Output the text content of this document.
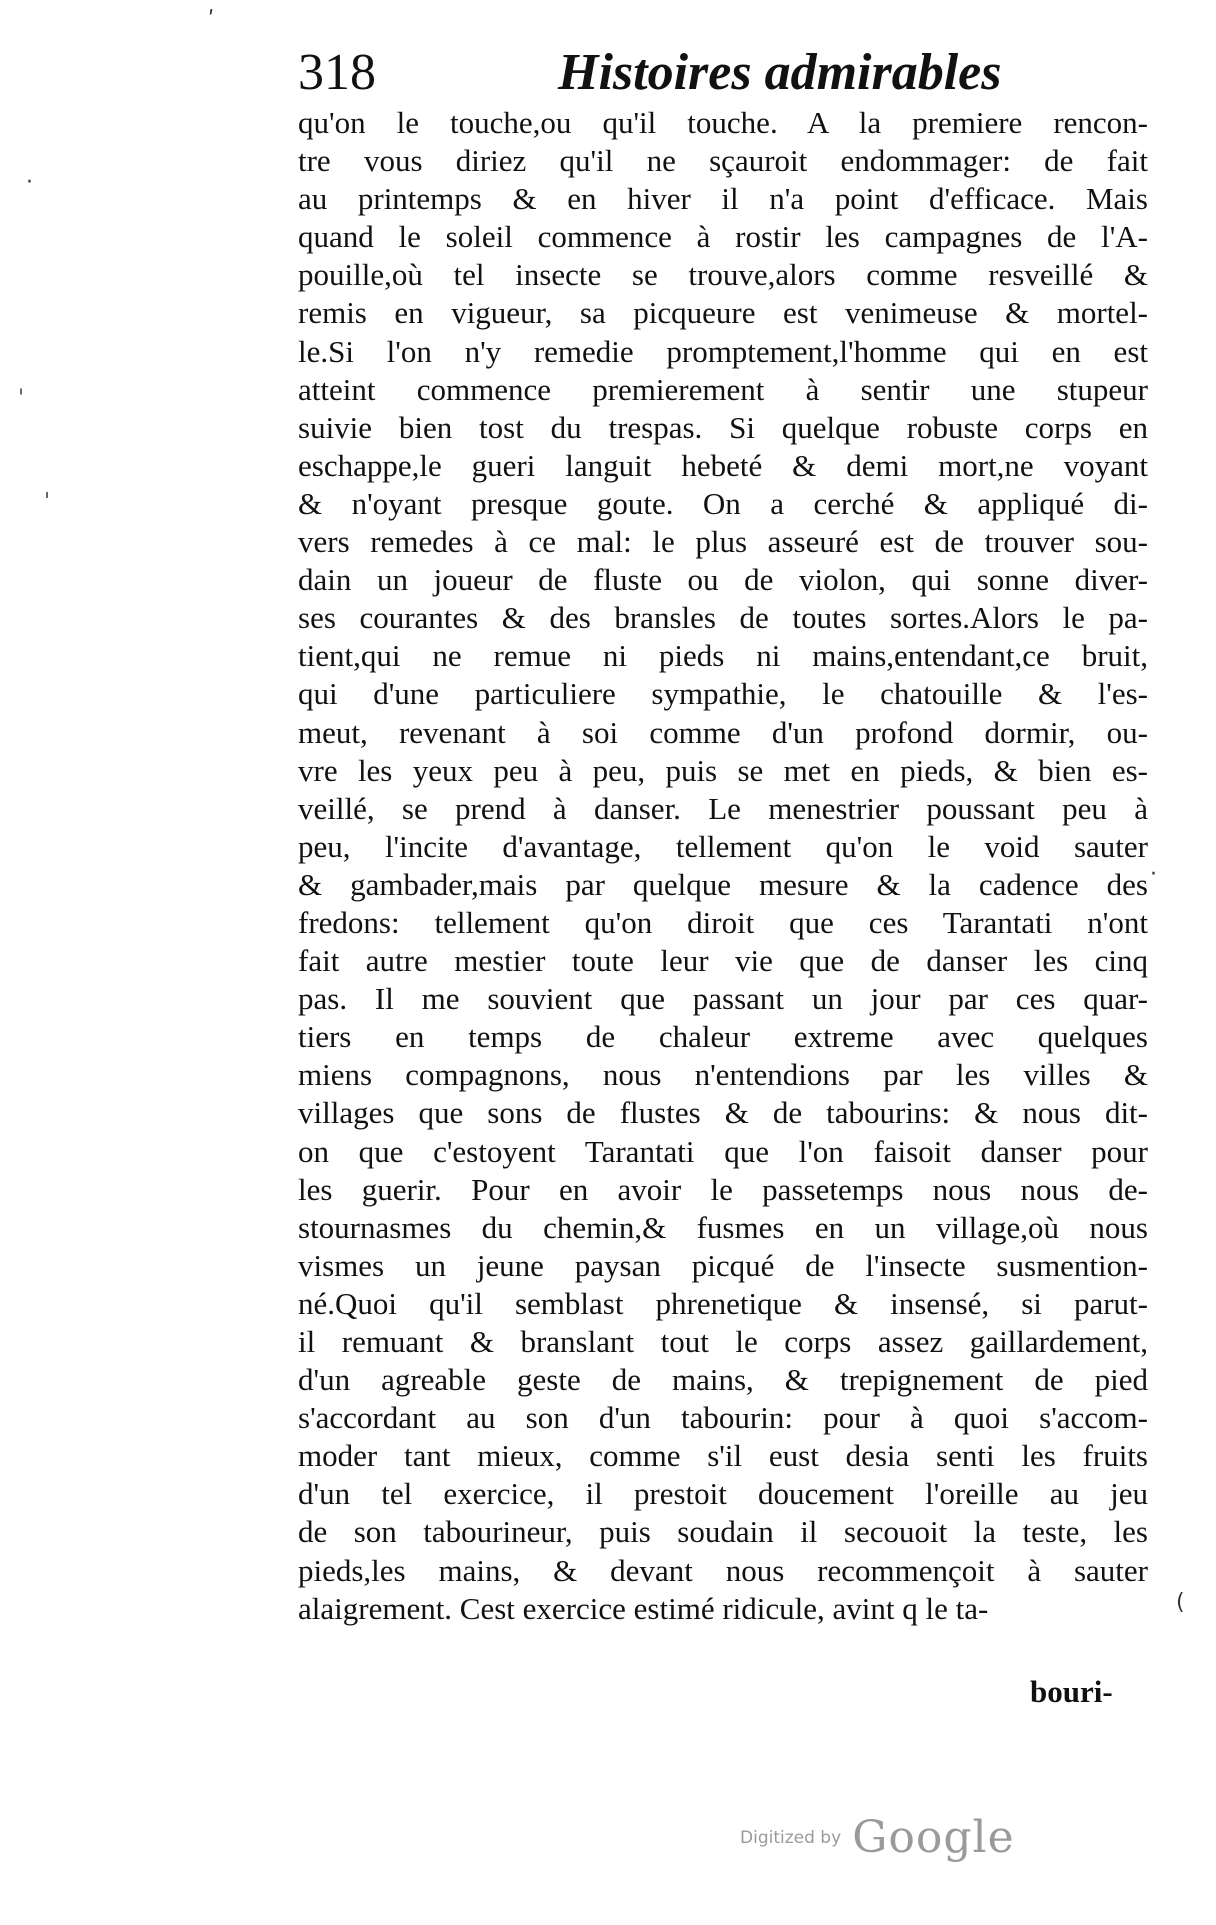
318	Histoires admirables
qu'on le touche,ou qu'il touche. A la premiere rencon-
tre vous diriez qu'il ne sçauroit endommager: de fait
au printemps & en hiver il n'a point d'efficace. Mais
quand le soleil commence à rostir les campagnes de l'A-
pouille,où tel insecte se trouve,alors comme resveillé &
remis en vigueur, sa picqueure est venimeuse & mortel-
le.Si l'on n'y remedie promptement,l'homme qui en est
atteint commence premierement à sentir une stupeur
suivie bien tost du trespas. Si quelque robuste corps en
eschappe,le gueri languit hebeté & demi mort,ne voyant
& n'oyant presque goute. On a cerché & appliqué di-
vers remedes à ce mal: le plus asseuré est de trouver sou-
dain un joueur de fluste ou de violon, qui sonne diver-
ses courantes & des bransles de toutes sortes.Alors le pa-
tient,qui ne remue ni pieds ni mains,entendant,ce bruit,
qui d'une particuliere sympathie, le chatouille & l'es-
meut, revenant à soi comme d'un profond dormir, ou-
vre les yeux peu à peu, puis se met en pieds, & bien es-
veillé, se prend à danser. Le menestrier poussant peu à
peu, l'incite d'avantage, tellement qu'on le void sauter
& gambader,mais par quelque mesure & la cadence des
fredons: tellement qu'on diroit que ces Tarantati n'ont
fait autre mestier toute leur vie que de danser les cinq
pas. Il me souvient que passant un jour par ces quar-
tiers en temps de chaleur extreme avec quelques
miens compagnons, nous n'entendions par les villes &
villages que sons de flustes & de tabourins: & nous dit-
on que c'estoyent Tarantati que l'on faisoit danser pour
les guerir. Pour en avoir le passetemps nous nous de-
stournasmes du chemin,& fusmes en un village,où nous
vismes un jeune paysan picqué de l'insecte susmention-
né.Quoi qu'il semblast phrenetique & insensé, si parut-
il remuant & branslant tout le corps assez gaillardement,
d'un agreable geste de mains, & trepignement de pied
s'accordant au son d'un tabourin: pour à quoi s'accom-
moder tant mieux, comme s'il eust desia senti les fruits
d'un tel exercice, il prestoit doucement l'oreille au jeu
de son tabourineur, puis soudain il secouoit la teste, les
pieds,les mains, & devant nous recommençoit à sauter
alaigrement. Cest exercice estimé ridicule, avint q le ta-
bouri-
ʹ
·
ˌ
ˈ
·
(
Digitized by Google
